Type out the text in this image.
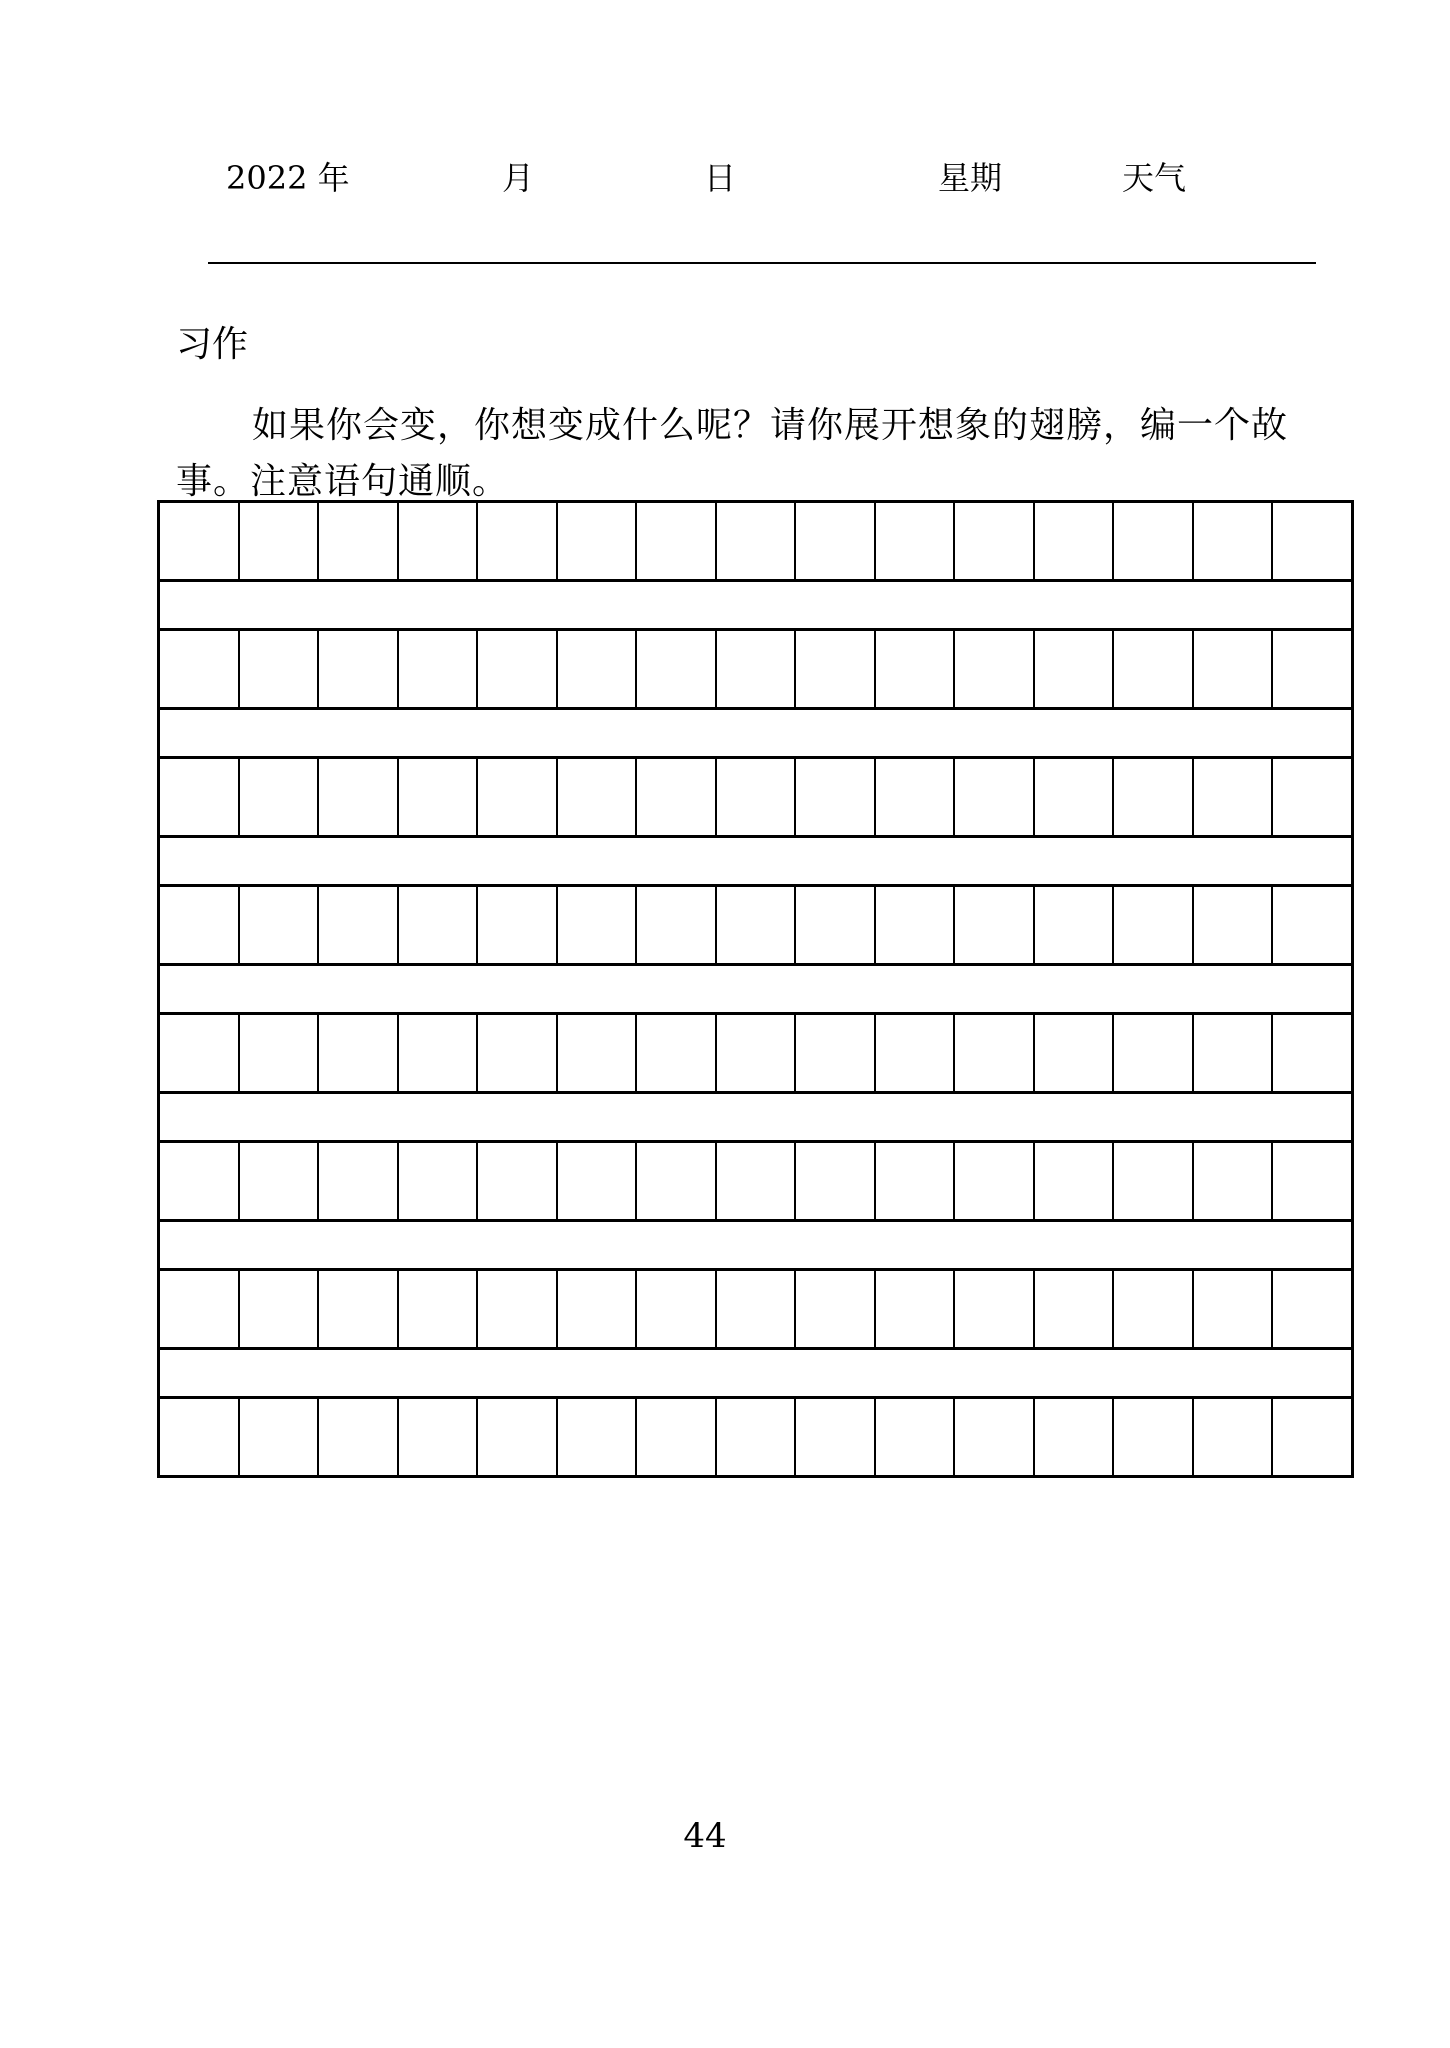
2022 年	月	日	星期	天气
习作
如果你会变，你想变成什么呢？请你展开想象的翅膀，编一个故事。注意语句通顺。
44
